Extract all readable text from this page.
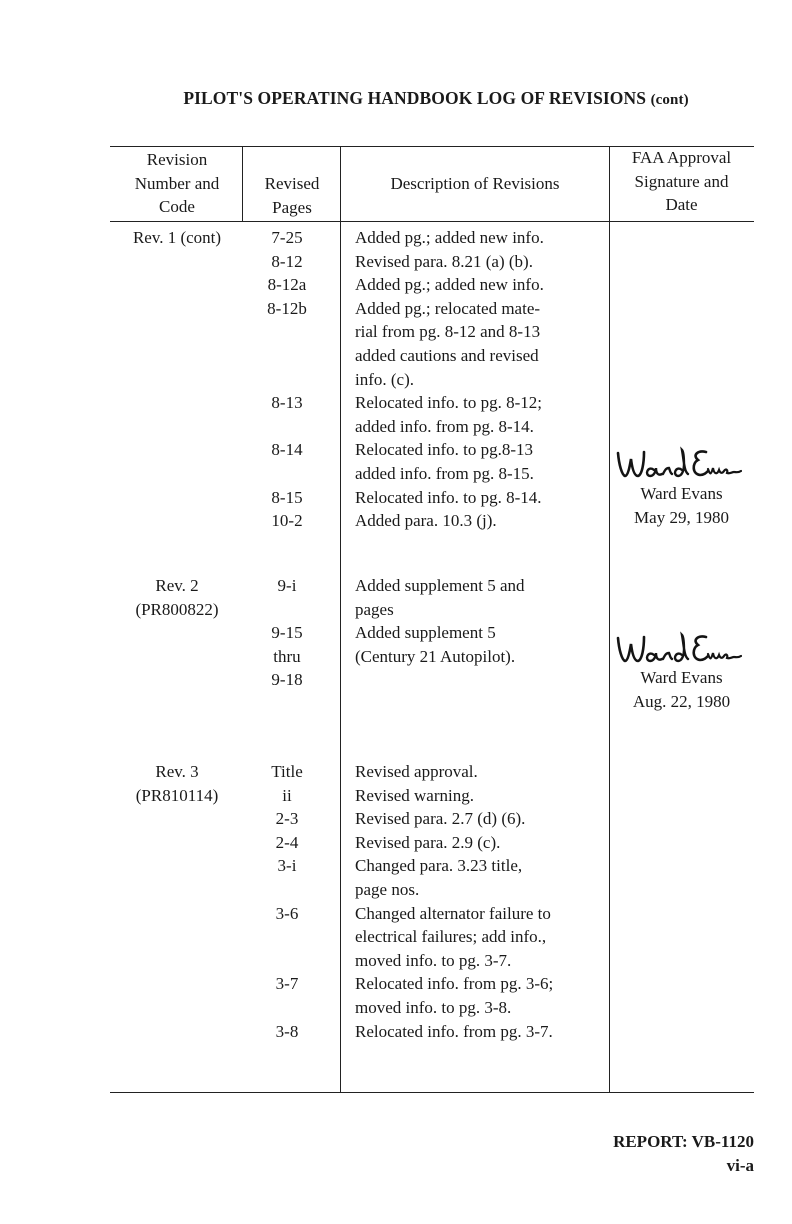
PILOT'S OPERATING HANDBOOK LOG OF REVISIONS (cont)
Revision
Number and
Code
Revised
Pages
Description of Revisions
FAA Approval
Signature and
Date
Rev. 1 (cont)	7-25
8-12
8-12a
8-12b
8-13
8-14
8-15
10-2
Added pg.; added new info.
Revised para. 8.21 (a) (b).
Added pg.; added new info.
Added pg.; relocated mate-
rial from pg. 8-12 and 8-13
added cautions and revised
info. (c).
Relocated info. to pg. 8-12;
added info. from pg. 8-14.
Relocated info. to pg.8-13
added info. from pg. 8-15.
Relocated info. to pg. 8-14.
Added para. 10.3 (j).
Ward Evans
May 29, 1980
Rev. 2
(PR800822)
9-i
9-15
thru
9-18
Added supplement 5 and
pages
Added supplement 5
(Century 21 Autopilot).
Ward Evans
Aug. 22, 1980
Rev. 3
(PR810114)
Title
ii
2-3
2-4
3-i
3-6
3-7
3-8
Revised approval.
Revised warning.
Revised para. 2.7 (d) (6).
Revised para. 2.9 (c).
Changed para. 3.23 title,
page nos.
Changed alternator failure to
electrical failures; add info.,
moved info. to pg. 3-7.
Relocated info. from pg. 3-6;
moved info. to pg. 3-8.
Relocated info. from pg. 3-7.
REPORT: VB-1120
vi-a
